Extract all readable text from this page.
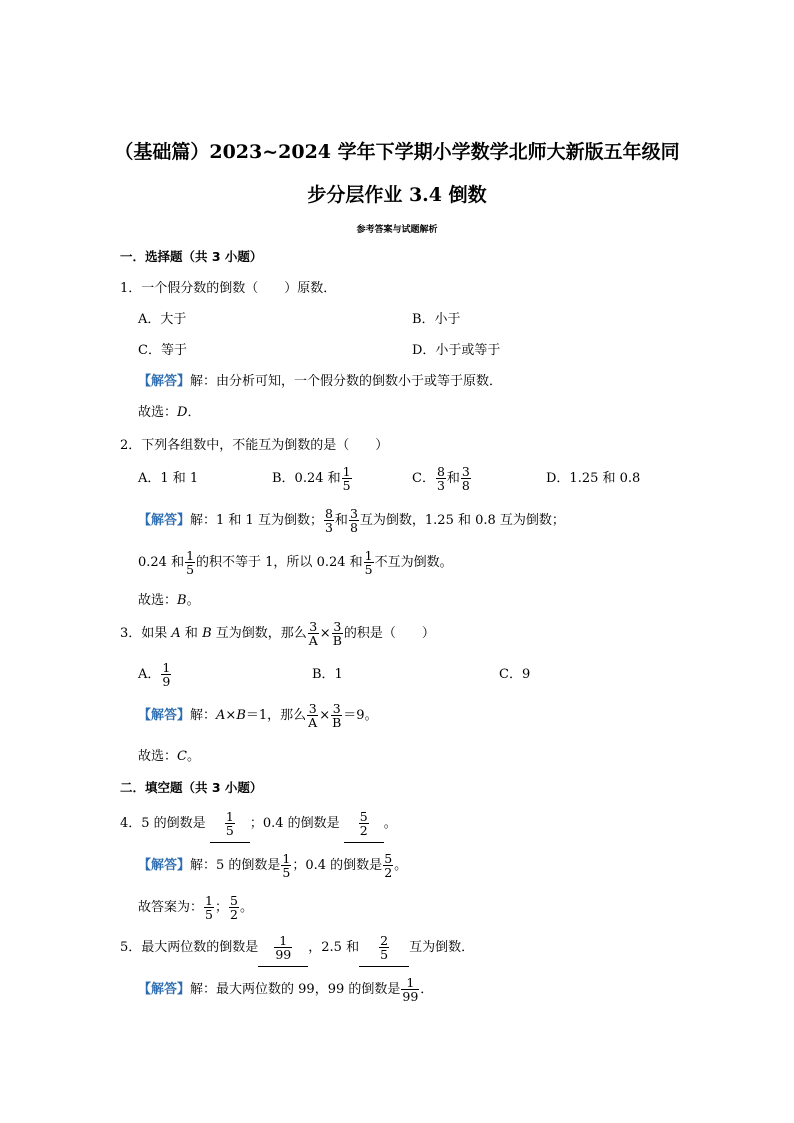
（基础篇）2023~2024 学年下学期小学数学北师大新版五年级同
步分层作业 3.4 倒数
参考答案与试题解析
一．选择题（共 3 小题）
1．一个假分数的倒数（　　）原数．
A．大于	B．小于
C．等于	D．小于或等于
【解答】解：由分析可知，一个假分数的倒数小于或等于原数．
故选：D．
2．下列各组数中，不能互为倒数的是（　　）
A．1 和 1	B．0.24 和 $\frac{1}{5}$	C． $\frac{8}{3}$ 和 $\frac{3}{8}$	D．1.25 和 0.8
【解答】解：1 和 1 互为倒数； $\frac{8}{3}$ 和 $\frac{3}{8}$ 互为倒数，1.25 和 0.8 互为倒数；
0.24 和 $\frac{1}{5}$ 的积不等于 1，所以 0.24 和 $\frac{1}{5}$ 不互为倒数。
故选：B。
3．如果 A 和 B 互为倒数，那么 $\frac{3}{A} \times \frac{3}{B}$ 的积是（　　）
A． $\frac{1}{9}$	B．1	C．9
【解答】解：A×B＝1，那么 $\frac{3}{A} \times \frac{3}{B} =9$。
故选：C。
二．填空题（共 3 小题）
4．5 的倒数是 $\frac{1}{5}$ ；0.4 的倒数是 $\frac{5}{2}$ 。
【解答】解：5 的倒数是 $\frac{1}{5}$ ；0.4 的倒数是 $\frac{5}{2}$ 。
故答案为： $\frac{1}{5}$ ； $\frac{5}{2}$ 。
5．最大两位数的倒数是 $\frac{1}{99}$ ，2.5 和 $\frac{2}{5}$ 互为倒数．
【解答】解：最大两位数的 99，99 的倒数是 $\frac{1}{99}$ ．
